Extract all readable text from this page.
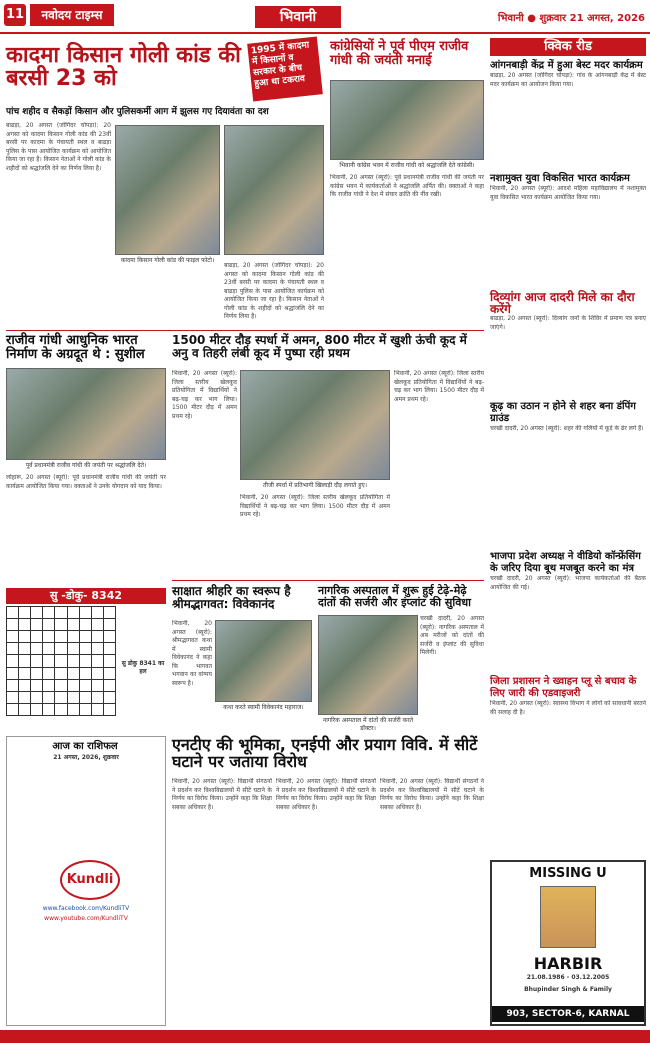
11	नवोदय टाइम्स	भिवानी	भिवानी ● शुक्रवार 21 अगस्त, 2026
कादमा किसान गोली कांड की बरसी 23 को
1995 में कादमा में किसानों व सरकार के बीच हुआ था टकराव
पांच शहीद व सैकड़ों किसान और पुलिसकर्मी आग में झुलस गए दियावंता का दश
बाढड़ा, 20 अगस्त (जोगिंदर चोपड़ा): 20 अगस्त को कादमा किसान गोली कांड की 23वीं बरसी पर कादमा के पंचायती स्थल व बाढड़ा पुलिस के पास आयोजित कार्यक्रम को आयोजित किया जा रहा है। किसान नेताओं ने गोली कांड के शहीदों को श्रद्धांजलि देने का निर्णय लिया है।
कादमा किसान गोली कांड की फाइल फोटो।
बाढड़ा, 20 अगस्त (जोगिंदर चोपड़ा): 20 अगस्त को कादमा किसान गोली कांड की 23वीं बरसी पर कादमा के पंचायती स्थल व बाढड़ा पुलिस के पास आयोजित कार्यक्रम को आयोजित किया जा रहा है। किसान नेताओं ने गोली कांड के शहीदों को श्रद्धांजलि देने का निर्णय लिया है।
कांग्रेसियों ने पूर्व पीएम राजीव गांधी की जयंती मनाई
भिवानी कांग्रेस भवन में राजीव गांधी को श्रद्धांजलि देते कांग्रेसी।
भिवानी, 20 अगस्त (ब्यूरो): पूर्व प्रधानमंत्री राजीव गांधी की जयंती पर कांग्रेस भवन में कार्यकर्ताओं ने श्रद्धांजलि अर्पित की। वक्ताओं ने कहा कि राजीव गांधी ने देश में संचार क्रांति की नींव रखी।
क्विक रीड
आंगनबाड़ी केंद्र में हुआ बेस्ट मदर कार्यक्रम
बाढड़ा, 20 अगस्त (जोगिंदर चोपड़ा): गांव के आंगनबाड़ी केंद्र में बेस्ट मदर कार्यक्रम का आयोजन किया गया।
नशामुक्त युवा विकसित भारत कार्यक्रम
भिवानी, 20 अगस्त (ब्यूरो): आदर्श महिला महाविद्यालय में नशामुक्त युवा विकसित भारत कार्यक्रम आयोजित किया गया।
दिव्यांग आज दादरी मिले का दौरा करेंगे
बाढड़ा, 20 अगस्त (ब्यूरो): दिव्यांग जनों के शिविर में प्रमाण पत्र बनाए जाएंगे।
कूढ़ का उठान न होने से शहर बना डंपिंग ग्राउंड
चरखी दादरी, 20 अगस्त (ब्यूरो): शहर की गलियों में कूड़े के ढेर लगे हैं।
भाजपा प्रदेश अध्यक्ष ने वीडियो कॉन्फ्रेंसिंग के जरिए दिया बूथ मजबूत करने का मंत्र
चरखी दादरी, 20 अगस्त (ब्यूरो): भाजपा कार्यकर्ताओं की बैठक आयोजित की गई।
जिला प्रशासन ने ख्वाहन प्लू से बचाव के लिए जारी की एडवाइजरी
भिवानी, 20 अगस्त (ब्यूरो): स्वास्थ्य विभाग ने लोगों को सावधानी बरतने की सलाह दी है।
राजीव गांधी आधुनिक भारत निर्माण के अग्रदूत थे : सुशील
पूर्व प्रधानमंत्री राजीव गांधी की जयंती पर श्रद्धांजलि देते।
लोहारू, 20 अगस्त (ब्यूरो): पूर्व प्रधानमंत्री राजीव गांधी की जयंती पर कार्यक्रम आयोजित किया गया। वक्ताओं ने उनके योगदान को याद किया।
1500 मीटर दौड़ स्पर्धा में अमन, 800 मीटर में खुशी ऊंची कूद में अनु व तिहरी लंबी कूद में पुष्पा रही प्रथम
भिवानी, 20 अगस्त (ब्यूरो): जिला स्तरीय खेलकूद प्रतियोगिता में विद्यार्थियों ने बढ़-चढ़ कर भाग लिया। 1500 मीटर दौड़ में अमन प्रथम रहे।
तीजी स्पर्धा में प्रतिभागी खिलाड़ी दौड़ लगाते हुए।
भिवानी, 20 अगस्त (ब्यूरो): जिला स्तरीय खेलकूद प्रतियोगिता में विद्यार्थियों ने बढ़-चढ़ कर भाग लिया। 1500 मीटर दौड़ में अमन प्रथम रहे।
भिवानी, 20 अगस्त (ब्यूरो): जिला स्तरीय खेलकूद प्रतियोगिता में विद्यार्थियों ने बढ़-चढ़ कर भाग लिया। 1500 मीटर दौड़ में अमन प्रथम रहे।
सु -डोकु- 8342

सु डोकु 8341 का हल
साक्षात श्रीहरि का स्वरूप है श्रीमद्भागवत: विवेकानंद
भिवानी, 20 अगस्त (ब्यूरो): श्रीमद्भागवत कथा में स्वामी विवेकानंद ने कहा कि भागवत भगवान का वांग्मय स्वरूप है।
कथा करते स्वामी विवेकानंद महाराज।
नागरिक अस्पताल में शुरू हुई टेढ़े-मेढ़े दांतों की सर्जरी और इंप्लांट की सुविधा
नागरिक अस्पताल में दांतों की सर्जरी करते डॉक्टर।
चरखी दादरी, 20 अगस्त (ब्यूरो): नागरिक अस्पताल में अब मरीजों को दांतों की सर्जरी व इंप्लांट की सुविधा मिलेगी।
आज का राशिफल
21 अगस्त, 2026, शुक्रवार
Kundli
www.facebook.com/KundliTV
www.youtube.com/KundliTV
एनटीए की भूमिका, एनईपी और प्रयाग विवि. में सीटें घटाने पर जताया विरोध
भिवानी, 20 अगस्त (ब्यूरो): विद्यार्थी संगठनों ने प्रदर्शन कर विश्वविद्यालयों में सीटें घटाने के निर्णय का विरोध किया। उन्होंने कहा कि शिक्षा सबका अधिकार है।
भिवानी, 20 अगस्त (ब्यूरो): विद्यार्थी संगठनों ने प्रदर्शन कर विश्वविद्यालयों में सीटें घटाने के निर्णय का विरोध किया। उन्होंने कहा कि शिक्षा सबका अधिकार है।
भिवानी, 20 अगस्त (ब्यूरो): विद्यार्थी संगठनों ने प्रदर्शन कर विश्वविद्यालयों में सीटें घटाने के निर्णय का विरोध किया। उन्होंने कहा कि शिक्षा सबका अधिकार है।
MISSING U
HARBIR
21.08.1986 - 03.12.2005
Bhupinder Singh & Family
903, SECTOR-6, KARNAL
